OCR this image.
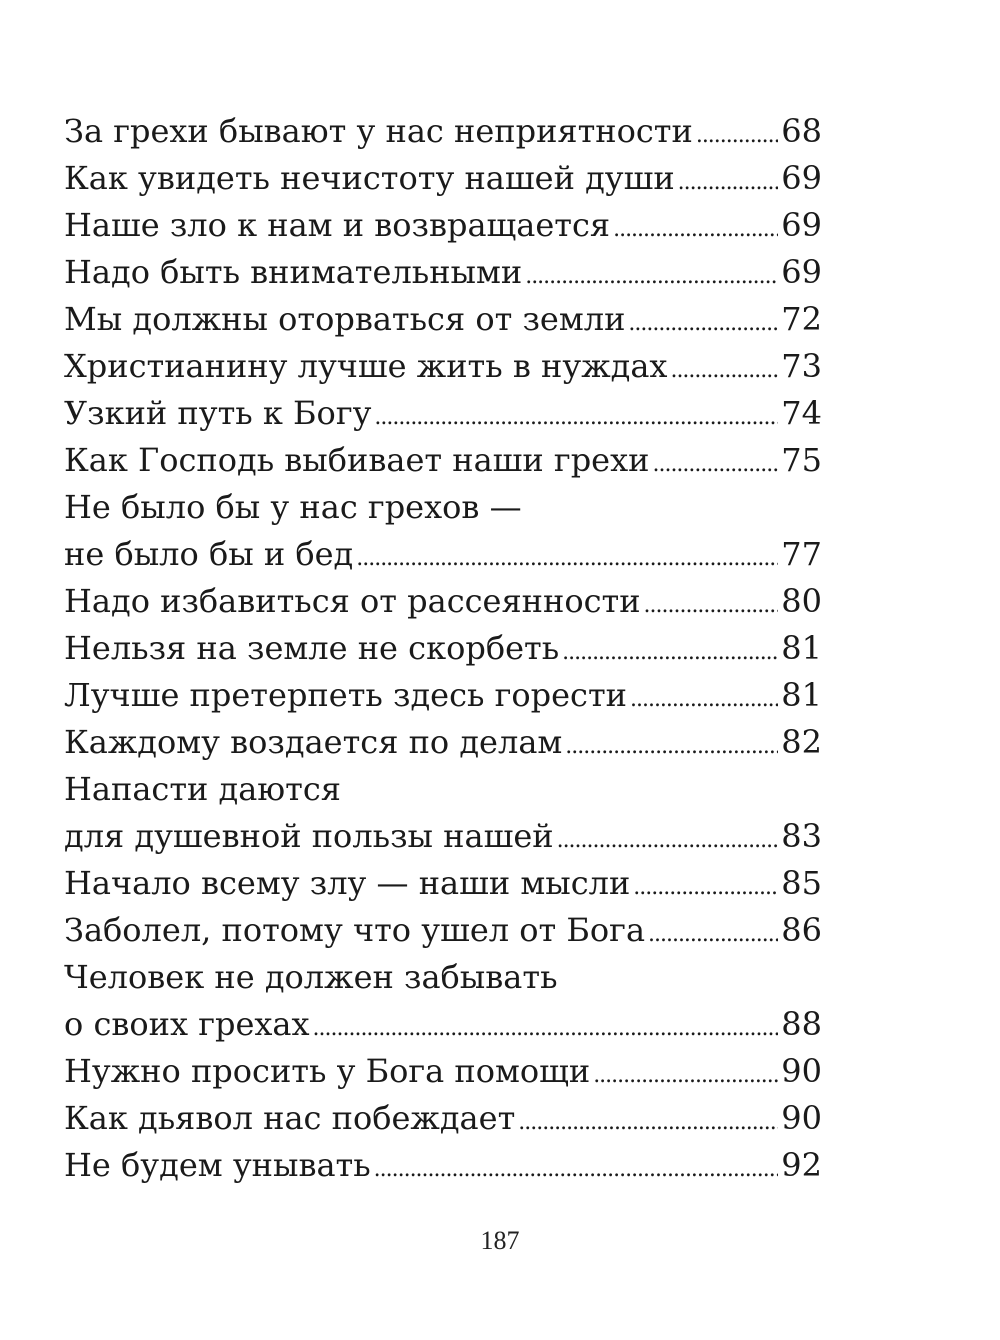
За грехи бывают у нас неприятности . . .	68
Как увидеть нечистоту нашей души . . .	69
Наше зло к нам и возвращается . . .	69
Надо быть внимательными . . .	69
Мы должны оторваться от земли . . .	72
Христианину лучше жить в нуждах . . .	73
Узкий путь к Богу . . .	74
Как Господь выбивает наши грехи . . .	75
Не было бы у нас грехов —
не было бы и бед . . .	77
Надо избавиться от рассеянности . . .	80
Нельзя на земле не скорбеть . . .	81
Лучше претерпеть здесь горести . . .	81
Каждому воздается по делам . . .	82
Напасти даются
для душевной пользы нашей . . .	83
Начало всему злу — наши мысли . . .	85
Заболел, потому что ушел от Бога . . .	86
Человек не должен забывать
о своих грехах . . .	88
Нужно просить у Бога помощи . . .	90
Как дьявол нас побеждает . . .	90
Не будем унывать . . .	92
187
